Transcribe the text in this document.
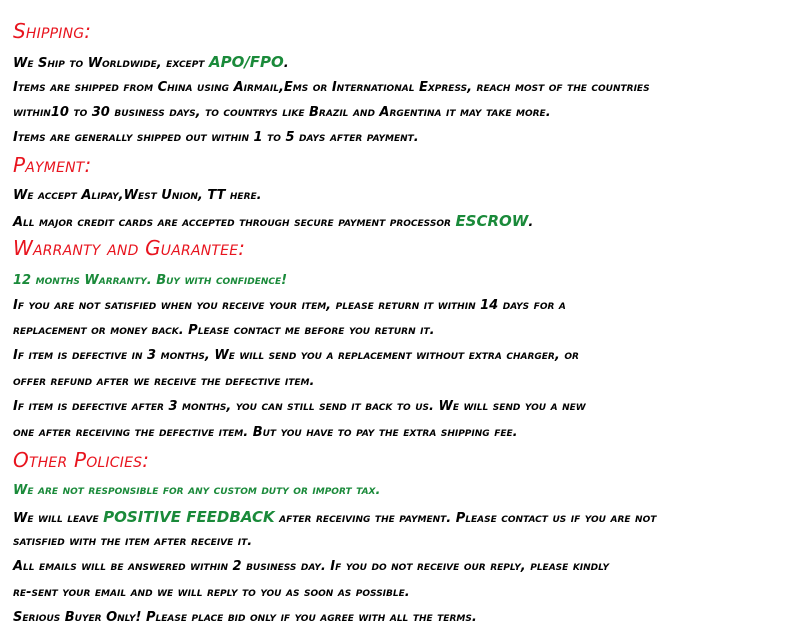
Shipping:
We Ship to Worldwide, except APO/FPO.
Items are shipped from China using Airmail,Ems or International Express, reach most of the countries
within10 to 30 business days, to countrys like Brazil and Argentina it may take more.
Items are generally shipped out within 1 to 5 days after payment.
Payment:
We accept Alipay,West Union, TT here.
All major credit cards are accepted through secure payment processor ESCROW.
Warranty and Guarantee:
12 months Warranty. Buy with confidence!
If you are not satisfied when you receive your item, please return it within 14 days for a
replacement or money back. Please contact me before you return it.
If item is defective in 3 months, We will send you a replacement without extra charger, or
offer refund after we receive the defective item.
If item is defective after 3 months, you can still send it back to us. We will send you a new
one after receiving the defective item. But you have to pay the extra shipping fee.
Other Policies:
We are not responsible for any custom duty or import tax.
We will leave POSITIVE FEEDBACK after receiving the payment. Please contact us if you are not
satisfied with the item after receive it.
All emails will be answered within 2 business day. If you do not receive our reply, please kindly
re-sent your email and we will reply to you as soon as possible.
Serious Buyer Only! Please place bid only if you agree with all the terms.
